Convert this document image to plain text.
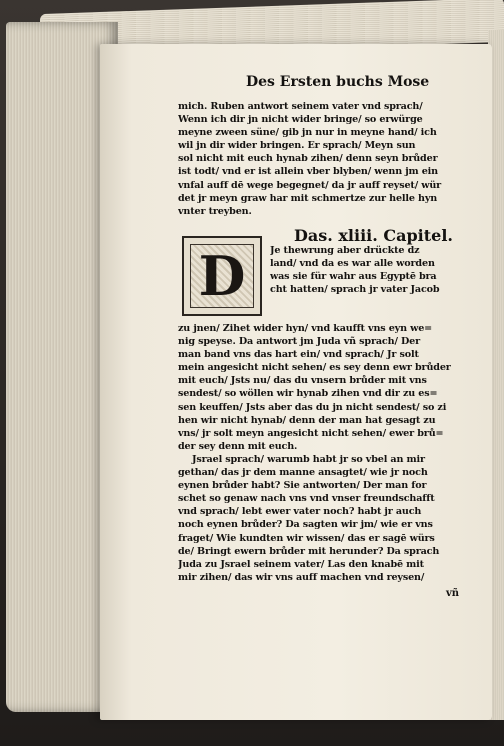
Des Ersten buchs Mose
mich. Ruben antwort seinem vater vnd sprach/
Wenn ich dir jn nicht wider bringe/ so erwürge
meyne zween süne/ gib jn nur in meyne hand/ ich
wil jn dir wider bringen. Er sprach/ Meyn sun
sol nicht mit euch hynab zihen/ denn seyn brůder
ist todt/ vnd er ist allein vber blyben/ wenn jm ein
vnfal auff dē wege begegnet/ da jr auff reyset/ wür
det jr meyn graw har mit schmertze zur helle hyn
vnter treyben.
Das. xliii. Capitel.
D	Je thewrung aber drückte dz
land/ vnd da es war alle worden
was sie für wahr aus Egyptē bra
cht hatten/ sprach jr vater Jacob
zu jnen/ Zihet wider hyn/ vnd kaufft vns eyn we=
nig speyse. Da antwort jm Juda vñ sprach/ Der
man band vns das hart ein/ vnd sprach/ Jr solt
mein angesicht nicht sehen/ es sey denn ewr brůder
mit euch/ Jsts nu/ das du vnsern brůder mit vns
sendest/ so wöllen wir hynab zihen vnd dir zu es=
sen keuffen/ Jsts aber das du jn nicht sendest/ so zi
hen wir nicht hynab/ denn der man hat gesagt zu
vns/ jr solt meyn angesicht nicht sehen/ ewer brů=
der sey denn mit euch.
Jsrael sprach/ warumb habt jr so vbel an mir
gethan/ das jr dem manne ansagtet/ wie jr noch
eynen brůder habt? Sie antworten/ Der man for
schet so genaw nach vns vnd vnser freundschafft
vnd sprach/ lebt ewer vater noch? habt jr auch
noch eynen brůder? Da sagten wir jm/ wie er vns
fraget/ Wie kundten wir wissen/ das er sagē würs
de/ Bringt ewern brůder mit herunder? Da sprach
Juda zu Jsrael seinem vater/ Las den knabē mit
mir zihen/ das wir vns auff machen vnd reysen/
vñ
